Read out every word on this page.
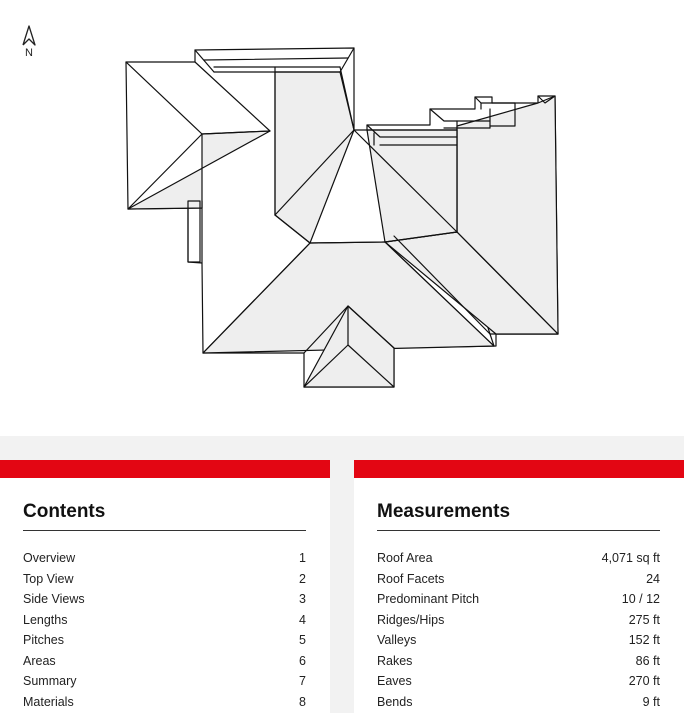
N
Contents
Overview	1
Top View	2
Side Views	3
Lengths	4
Pitches	5
Areas	6
Summary	7
Materials	8
Measurements
Roof Area	4,071 sq ft
Roof Facets	24
Predominant Pitch	10 / 12
Ridges/Hips	275 ft
Valleys	152 ft
Rakes	86 ft
Eaves	270 ft
Bends	9 ft
